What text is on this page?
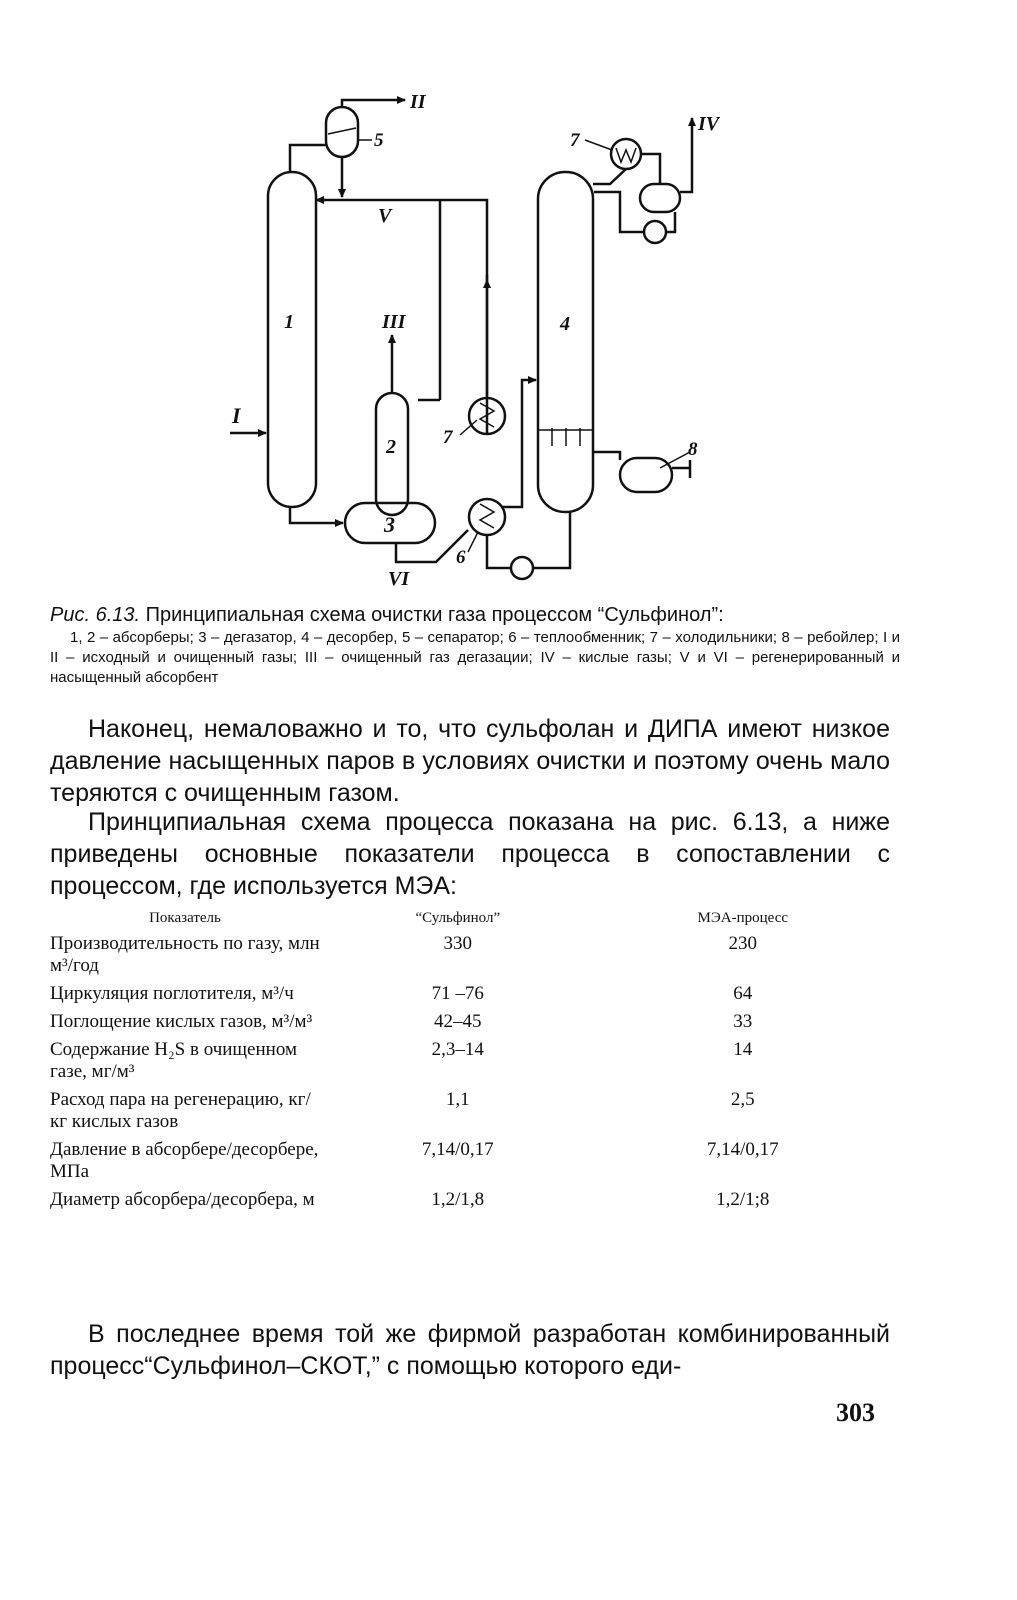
5
II
V
1	III
2
3
I
VI
6
7
4
7
IV
8
Рис. 6.13. Принципиальная схема очистки газа процессом “Сульфинол”:
1, 2 – абсорберы; 3 – дегазатор, 4 – десорбер, 5 – сепаратор; 6 – теплообменник; 7 – холодильники; 8 – ребойлер; I и II – исходный и очищенный газы; III – очищенный газ дегазации; IV – кислые газы; V и VI – регенерированный и насыщенный абсорбент

Наконец, немаловажно и то, что сульфолан и ДИПА имеют низкое давление насыщенных паров в условиях очистки и поэтому очень мало теряются с очищенным газом.

Принципиальная схема процесса показана на рис. 6.13, а ниже приведены основные показатели процесса в сопоставлении с процессом, где используется МЭА:

Показатель	“Сульфинол”	МЭА-процесс
Производительность по газу, млн м³/год	330	230
Циркуляция поглотителя, м³/ч	71 –76	64
Поглощение кислых газов, м³/м³	42–45	33
Содержание H₂S в очищенном газе, мг/м³	2,3–14	14
Расход пара на регенерацию, кг/кг кислых газов	1,1	2,5
Давление в абсорбере/десорбере, МПа	7,14/0,17	7,14/0,17
Диаметр абсорбера/десорбера, м	1,2/1,8	1,2/1;8

В последнее время той же фирмой разработан комбинированный процесс“Сульфинол–СКОТ,” с помощью которого еди-

303
